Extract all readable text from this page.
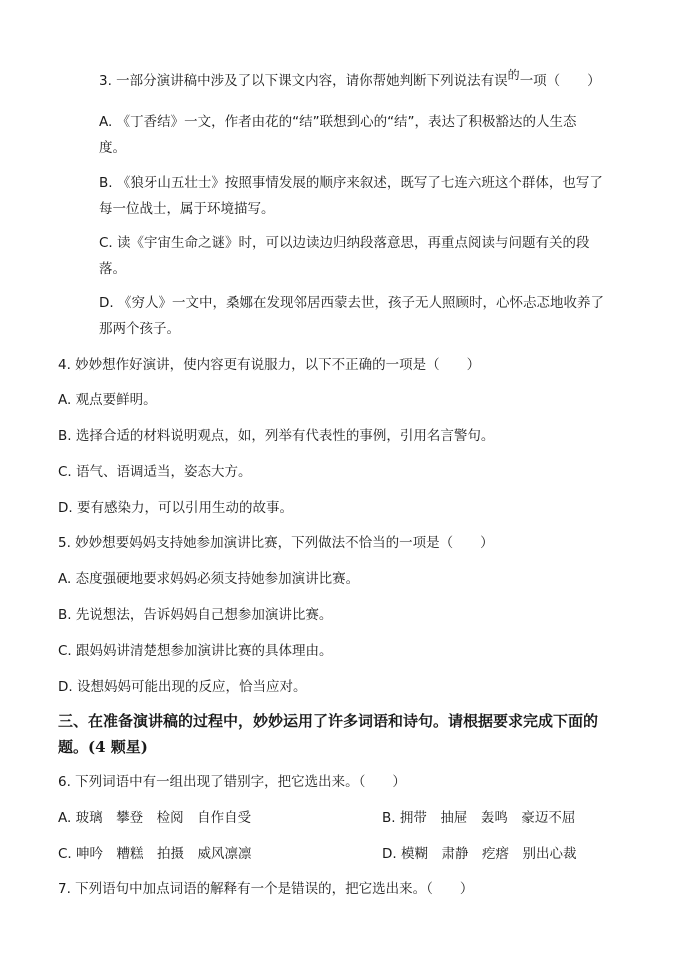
3. 一部分演讲稿中涉及了以下课文内容，请你帮她判断下列说法有误的一项（　　）
A. 《丁香结》一文，作者由花的“结”联想到心的“结”，表达了积极豁达的人生态
度。
B. 《狼牙山五壮士》按照事情发展的顺序来叙述，既写了七连六班这个群体，也写了
每一位战士，属于环境描写。
C. 读《宇宙生命之谜》时，可以边读边归纳段落意思，再重点阅读与问题有关的段
落。
D. 《穷人》一文中，桑娜在发现邻居西蒙去世，孩子无人照顾时，心怀忐忑地收养了
那两个孩子。
4. 妙妙想作好演讲，使内容更有说服力，以下不正确的一项是（　　）
A. 观点要鲜明。
B. 选择合适的材料说明观点，如，列举有代表性的事例，引用名言警句。
C. 语气、语调适当，姿态大方。
D. 要有感染力，可以引用生动的故事。
5. 妙妙想要妈妈支持她参加演讲比赛，下列做法不恰当的一项是（　　）
A. 态度强硬地要求妈妈必须支持她参加演讲比赛。
B. 先说想法，告诉妈妈自己想参加演讲比赛。
C. 跟妈妈讲清楚想参加演讲比赛的具体理由。
D. 设想妈妈可能出现的反应，恰当应对。
三、在准备演讲稿的过程中，妙妙运用了许多词语和诗句。请根据要求完成下面的
题。(4 颗星)
6. 下列词语中有一组出现了错别字，把它选出来。（　　）
A. 玻璃　攀登　检阅　自作自受	B. 拥带　抽屉　轰鸣　豪迈不屈
C. 呻吟　糟糕　拍摄　威风凛凛	D. 模糊　肃静　疙瘩　别出心裁
7. 下列语句中加点词语的解释有一个是错误的，把它选出来。（　　）
